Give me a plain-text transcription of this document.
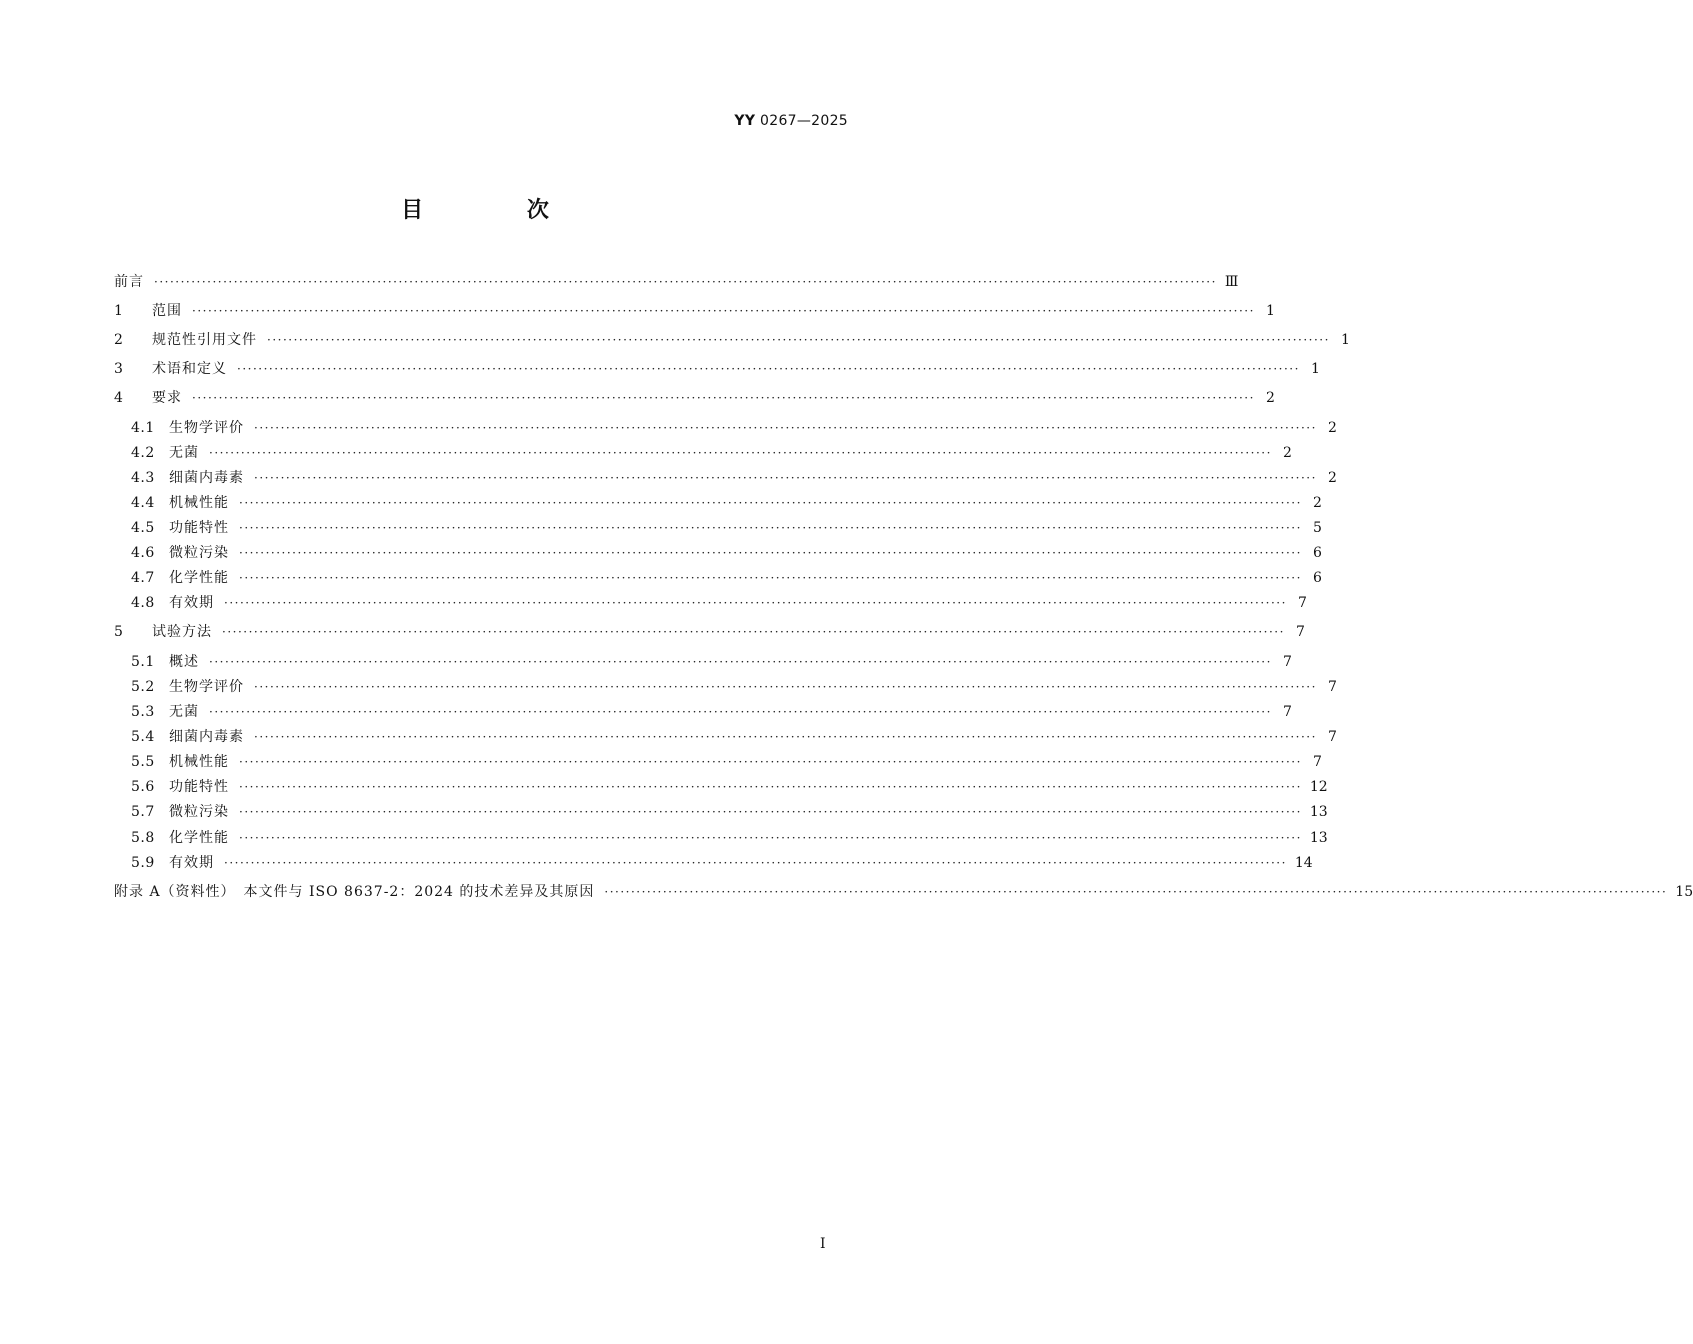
YY 0267—2025
目 次
前言 ········································································································································································································ Ⅲ
1	范围 ········································································································································································································ 1
2	规范性引用文件 ········································································································································································································ 1
3	术语和定义 ········································································································································································································ 1
4	要求 ········································································································································································································ 2
4.1 生物学评价 ········································································································································································································ 2
4.2 无菌 ········································································································································································································ 2
4.3 细菌内毒素 ········································································································································································································ 2
4.4 机械性能 ········································································································································································································ 2
4.5 功能特性 ········································································································································································································ 5
4.6 微粒污染 ········································································································································································································ 6
4.7 化学性能 ········································································································································································································ 6
4.8 有效期 ········································································································································································································ 7
5	试验方法 ········································································································································································································ 7
5.1 概述 ········································································································································································································ 7
5.2 生物学评价 ········································································································································································································ 7
5.3 无菌 ········································································································································································································ 7
5.4 细菌内毒素 ········································································································································································································ 7
5.5 机械性能 ········································································································································································································ 7
5.6 功能特性 ········································································································································································································ 12
5.7 微粒污染 ········································································································································································································ 13
5.8 化学性能 ········································································································································································································ 13
5.9 有效期 ········································································································································································································ 14
附录 A（资料性）　本文件与 ISO 8637-2：2024 的技术差异及其原因 ········································································································································································································ 15
I
